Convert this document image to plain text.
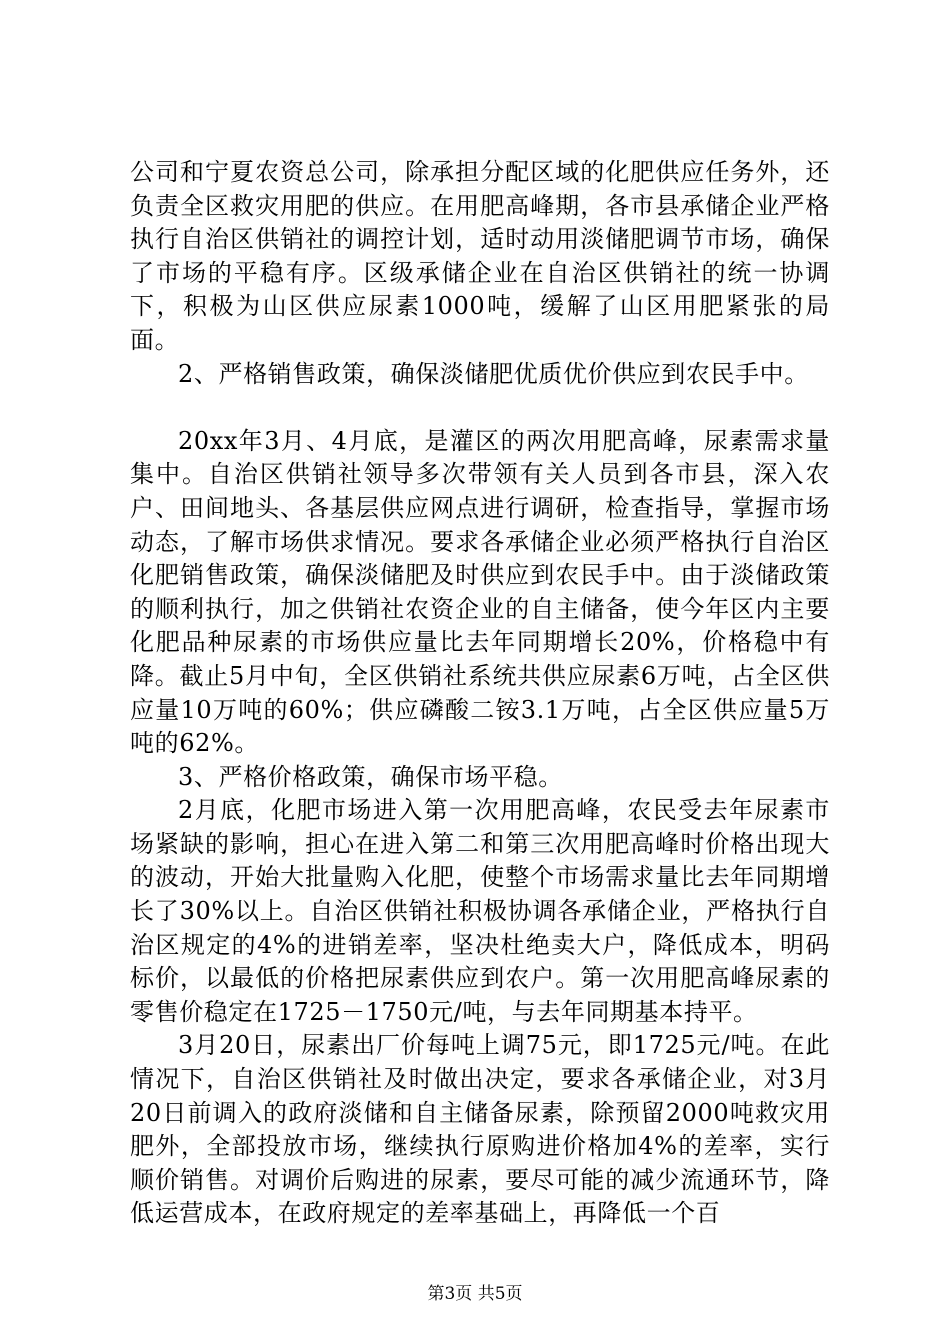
公司和宁夏农资总公司，除承担分配区域的化肥供应任务外，还负责全区救灾用肥的供应。在用肥高峰期，各市县承储企业严格执行自治区供销社的调控计划，适时动用淡储肥调节市场，确保了市场的平稳有序。区级承储企业在自治区供销社的统一协调下，积极为山区供应尿素1000吨，缓解了山区用肥紧张的局面。

2、严格销售政策，确保淡储肥优质优价供应到农民手中。

20xx年3月、4月底，是灌区的两次用肥高峰，尿素需求量集中。自治区供销社领导多次带领有关人员到各市县，深入农户、田间地头、各基层供应网点进行调研，检查指导，掌握市场动态，了解市场供求情况。要求各承储企业必须严格执行自治区化肥销售政策，确保淡储肥及时供应到农民手中。由于淡储政策的顺利执行，加之供销社农资企业的自主储备，使今年区内主要化肥品种尿素的市场供应量比去年同期增长20%，价格稳中有降。截止5月中旬，全区供销社系统共供应尿素6万吨，占全区供应量10万吨的60%；供应磷酸二铵3.1万吨，占全区供应量5万吨的62%。

3、严格价格政策，确保市场平稳。

2月底，化肥市场进入第一次用肥高峰，农民受去年尿素市场紧缺的影响，担心在进入第二和第三次用肥高峰时价格出现大的波动，开始大批量购入化肥，使整个市场需求量比去年同期增长了30%以上。自治区供销社积极协调各承储企业，严格执行自治区规定的4%的进销差率，坚决杜绝卖大户，降低成本，明码标价，以最低的价格把尿素供应到农户。第一次用肥高峰尿素的零售价稳定在1725－1750元/吨，与去年同期基本持平。

3月20日，尿素出厂价每吨上调75元，即1725元/吨。在此情况下，自治区供销社及时做出决定，要求各承储企业，对3月20日前调入的政府淡储和自主储备尿素，除预留2000吨救灾用肥外，全部投放市场，继续执行原购进价格加4%的差率，实行顺价销售。对调价后购进的尿素，要尽可能的减少流通环节，降低运营成本，在政府规定的差率基础上，再降低一个百

第3页 共5页
